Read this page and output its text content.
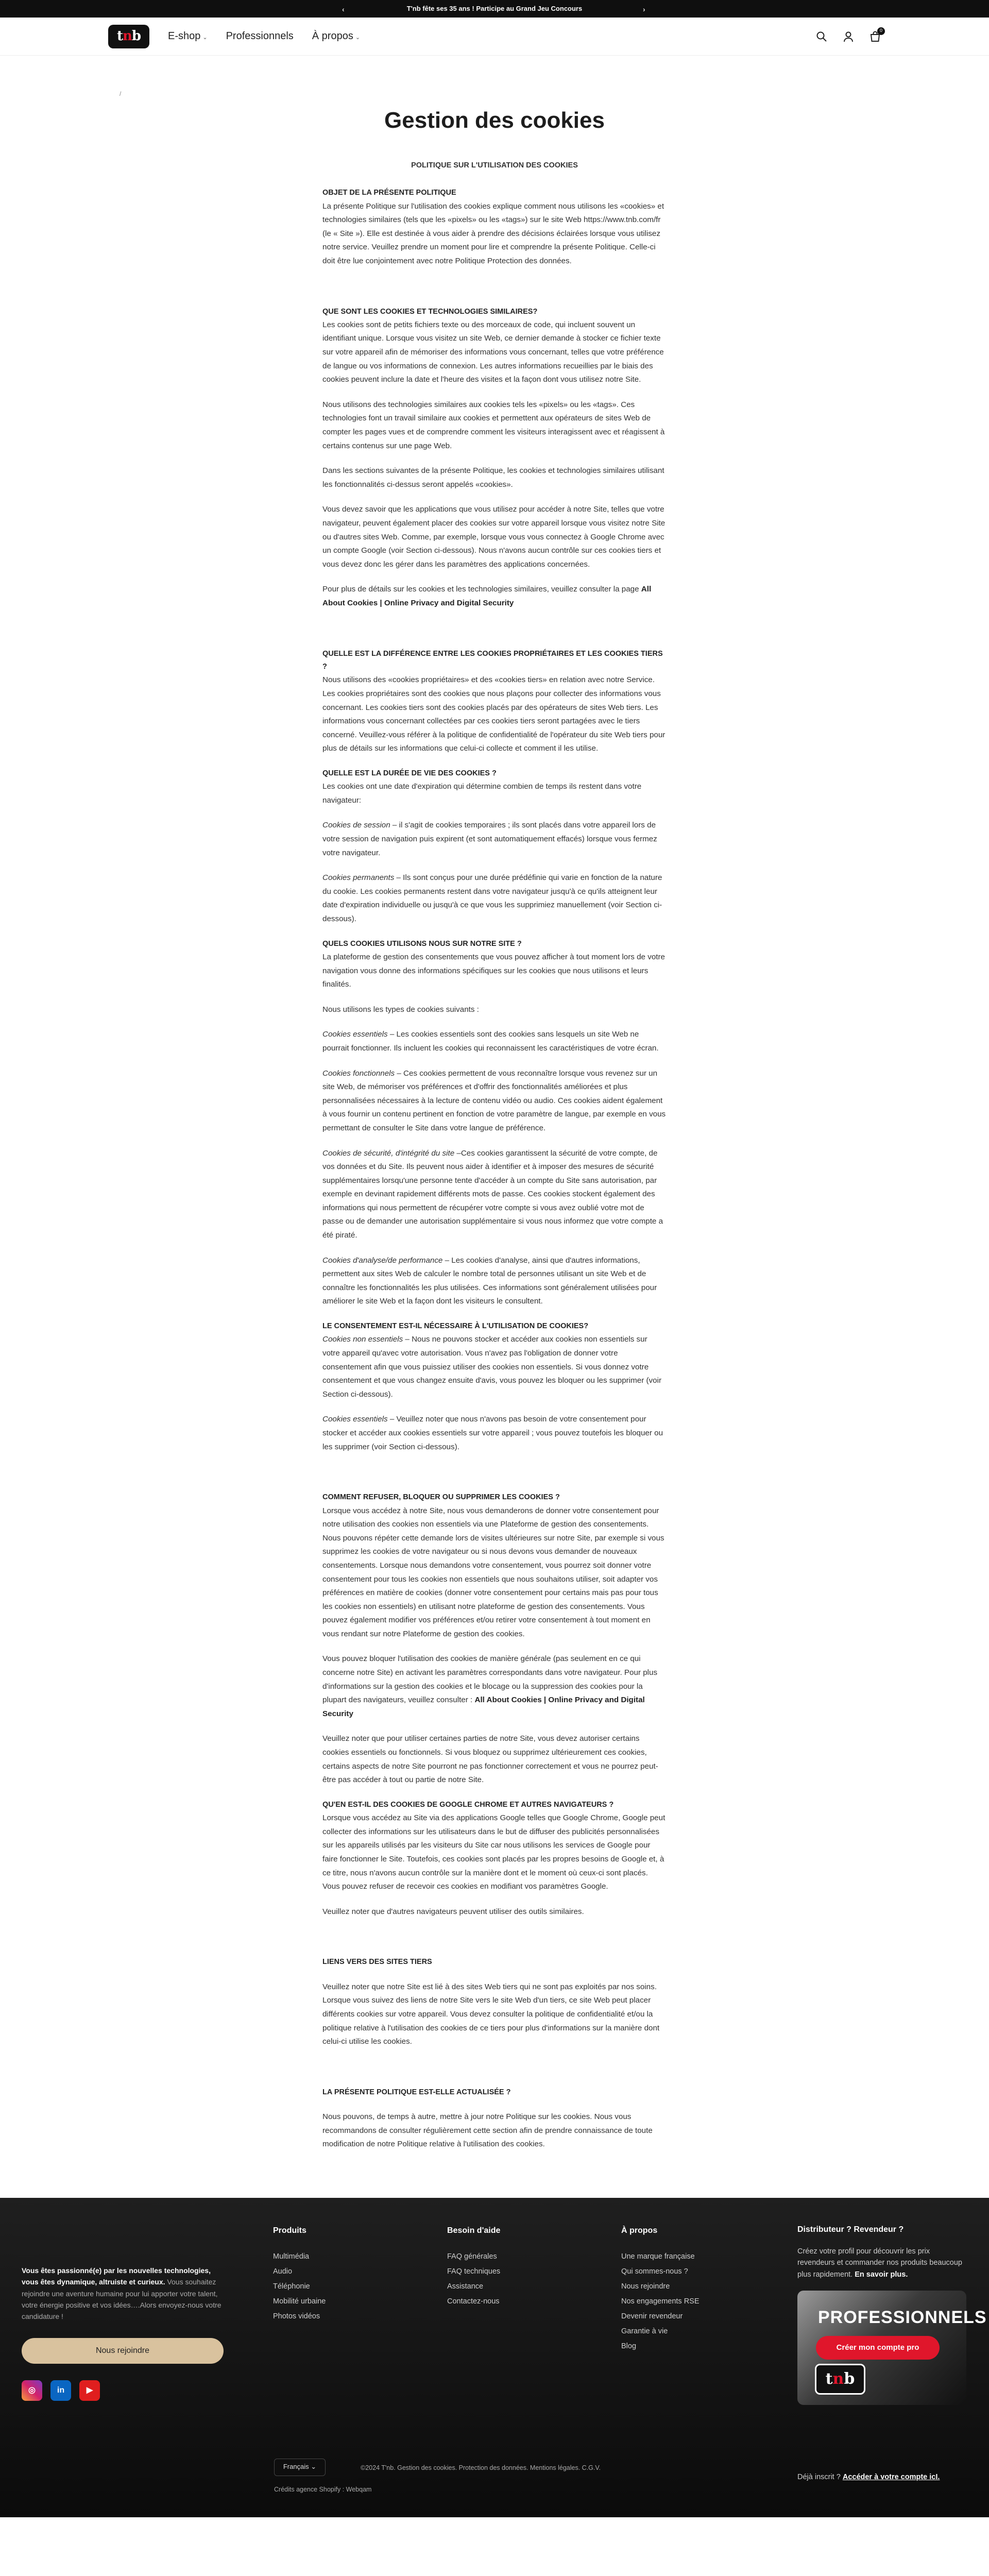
‹	T'nb fête ses 35 ans ! Participe au Grand Jeu Concours	›
t n b	E-shop ⌄ Professionnels À propos ⌄
0
/
Gestion des cookies

POLITIQUE SUR L'UTILISATION DES COOKIES

OBJET DE LA PRÉSENTE POLITIQUE

La présente Politique sur l'utilisation des cookies explique comment nous utilisons les «cookies» et technologies similaires (tels que les «pixels» ou les «tags») sur le site Web https://www.tnb.com/fr (le « Site »). Elle est destinée à vous aider à prendre des décisions éclairées lorsque vous utilisez notre service. Veuillez prendre un moment pour lire et comprendre la présente Politique. Celle-ci doit être lue conjointement avec notre Politique Protection des données.

QUE SONT LES COOKIES ET TECHNOLOGIES SIMILAIRES?

Les cookies sont de petits fichiers texte ou des morceaux de code, qui incluent souvent un identifiant unique. Lorsque vous visitez un site Web, ce dernier demande à stocker ce fichier texte sur votre appareil afin de mémoriser des informations vous concernant, telles que votre préférence de langue ou vos informations de connexion. Les autres informations recueillies par le biais des cookies peuvent inclure la date et l'heure des visites et la façon dont vous utilisez notre Site.

Nous utilisons des technologies similaires aux cookies tels les «pixels» ou les «tags». Ces technologies font un travail similaire aux cookies et permettent aux opérateurs de sites Web de compter les pages vues et de comprendre comment les visiteurs interagissent avec et réagissent à certains contenus sur une page Web.

Dans les sections suivantes de la présente Politique, les cookies et technologies similaires utilisant les fonctionnalités ci-dessus seront appelés «cookies».

Vous devez savoir que les applications que vous utilisez pour accéder à notre Site, telles que votre navigateur, peuvent également placer des cookies sur votre appareil lorsque vous visitez notre Site ou d'autres sites Web. Comme, par exemple, lorsque vous vous connectez à Google Chrome avec un compte Google (voir Section ci-dessous). Nous n'avons aucun contrôle sur ces cookies tiers et vous devez donc les gérer dans les paramètres des applications concernées.

Pour plus de détails sur les cookies et les technologies similaires, veuillez consulter la page All About Cookies | Online Privacy and Digital Security

QUELLE EST LA DIFFÉRENCE ENTRE LES COOKIES PROPRIÉTAIRES ET LES COOKIES TIERS ?

Nous utilisons des «cookies propriétaires» et des «cookies tiers» en relation avec notre Service. Les cookies propriétaires sont des cookies que nous plaçons pour collecter des informations vous concernant. Les cookies tiers sont des cookies placés par des opérateurs de sites Web tiers. Les informations vous concernant collectées par ces cookies tiers seront partagées avec le tiers concerné. Veuillez-vous référer à la politique de confidentialité de l'opérateur du site Web tiers pour plus de détails sur les informations que celui-ci collecte et comment il les utilise.

QUELLE EST LA DURÉE DE VIE DES COOKIES ?

Les cookies ont une date d'expiration qui détermine combien de temps ils restent dans votre navigateur:

Cookies de session – il s'agit de cookies temporaires ; ils sont placés dans votre appareil lors de votre session de navigation puis expirent (et sont automatiquement effacés) lorsque vous fermez votre navigateur.

Cookies permanents – Ils sont conçus pour une durée prédéfinie qui varie en fonction de la nature du cookie. Les cookies permanents restent dans votre navigateur jusqu'à ce qu'ils atteignent leur date d'expiration individuelle ou jusqu'à ce que vous les supprimiez manuellement (voir Section ci-dessous).

QUELS COOKIES UTILISONS NOUS SUR NOTRE SITE ?

La plateforme de gestion des consentements que vous pouvez afficher à tout moment lors de votre navigation vous donne des informations spécifiques sur les cookies que nous utilisons et leurs finalités.

Nous utilisons les types de cookies suivants :

Cookies essentiels – Les cookies essentiels sont des cookies sans lesquels un site Web ne pourrait fonctionner. Ils incluent les cookies qui reconnaissent les caractéristiques de votre écran.

Cookies fonctionnels – Ces cookies permettent de vous reconnaître lorsque vous revenez sur un site Web, de mémoriser vos préférences et d'offrir des fonctionnalités améliorées et plus personnalisées nécessaires à la lecture de contenu vidéo ou audio. Ces cookies aident également à vous fournir un contenu pertinent en fonction de votre paramètre de langue, par exemple en vous permettant de consulter le Site dans votre langue de préférence.

Cookies de sécurité, d'intégrité du site –Ces cookies garantissent la sécurité de votre compte, de vos données et du Site. Ils peuvent nous aider à identifier et à imposer des mesures de sécurité supplémentaires lorsqu'une personne tente d'accéder à un compte du Site sans autorisation, par exemple en devinant rapidement différents mots de passe. Ces cookies stockent également des informations qui nous permettent de récupérer votre compte si vous avez oublié votre mot de passe ou de demander une autorisation supplémentaire si vous nous informez que votre compte a été piraté.

Cookies d'analyse/de performance – Les cookies d'analyse, ainsi que d'autres informations, permettent aux sites Web de calculer le nombre total de personnes utilisant un site Web et de connaître les fonctionnalités les plus utilisées. Ces informations sont généralement utilisées pour améliorer le site Web et la façon dont les visiteurs le consultent.

LE CONSENTEMENT EST-IL NÉCESSAIRE À L'UTILISATION DE COOKIES?

Cookies non essentiels – Nous ne pouvons stocker et accéder aux cookies non essentiels sur votre appareil qu'avec votre autorisation. Vous n'avez pas l'obligation de donner votre consentement afin que vous puissiez utiliser des cookies non essentiels. Si vous donnez votre consentement et que vous changez ensuite d'avis, vous pouvez les bloquer ou les supprimer (voir Section ci-dessous).

Cookies essentiels – Veuillez noter que nous n'avons pas besoin de votre consentement pour stocker et accéder aux cookies essentiels sur votre appareil ; vous pouvez toutefois les bloquer ou les supprimer (voir Section ci-dessous).

COMMENT REFUSER, BLOQUER OU SUPPRIMER LES COOKIES ?

Lorsque vous accédez à notre Site, nous vous demanderons de donner votre consentement pour notre utilisation des cookies non essentiels via une Plateforme de gestion des consentements. Nous pouvons répéter cette demande lors de visites ultérieures sur notre Site, par exemple si vous supprimez les cookies de votre navigateur ou si nous devons vous demander de nouveaux consentements. Lorsque nous demandons votre consentement, vous pourrez soit donner votre consentement pour tous les cookies non essentiels que nous souhaitons utiliser, soit adapter vos préférences en matière de cookies (donner votre consentement pour certains mais pas pour tous les cookies non essentiels) en utilisant notre plateforme de gestion des consentements. Vous pouvez également modifier vos préférences et/ou retirer votre consentement à tout moment en vous rendant sur notre Plateforme de gestion des cookies.

Vous pouvez bloquer l'utilisation des cookies de manière générale (pas seulement en ce qui concerne notre Site) en activant les paramètres correspondants dans votre navigateur. Pour plus d'informations sur la gestion des cookies et le blocage ou la suppression des cookies pour la plupart des navigateurs, veuillez consulter : All About Cookies | Online Privacy and Digital Security

Veuillez noter que pour utiliser certaines parties de notre Site, vous devez autoriser certains cookies essentiels ou fonctionnels. Si vous bloquez ou supprimez ultérieurement ces cookies, certains aspects de notre Site pourront ne pas fonctionner correctement et vous ne pourrez peut-être pas accéder à tout ou partie de notre Site.

QU'EN EST-IL DES COOKIES DE GOOGLE CHROME ET AUTRES NAVIGATEURS ?

Lorsque vous accédez au Site via des applications Google telles que Google Chrome, Google peut collecter des informations sur les utilisateurs dans le but de diffuser des publicités personnalisées sur les appareils utilisés par les visiteurs du Site car nous utilisons les services de Google pour faire fonctionner le Site. Toutefois, ces cookies sont placés par les propres besoins de Google et, à ce titre, nous n'avons aucun contrôle sur la manière dont et le moment où ceux-ci sont placés. Vous pouvez refuser de recevoir ces cookies en modifiant vos paramètres Google.

Veuillez noter que d'autres navigateurs peuvent utiliser des outils similaires.

LIENS VERS DES SITES TIERS

Veuillez noter que notre Site est lié à des sites Web tiers qui ne sont pas exploités par nos soins. Lorsque vous suivez des liens de notre Site vers le site Web d'un tiers, ce site Web peut placer différents cookies sur votre appareil. Vous devez consulter la politique de confidentialité et/ou la politique relative à l'utilisation des cookies de ce tiers pour plus d'informations sur la manière dont celui-ci utilise les cookies.

LA PRÉSENTE POLITIQUE EST-ELLE ACTUALISÉE ?

Nous pouvons, de temps à autre, mettre à jour notre Politique sur les cookies. Nous vous recommandons de consulter régulièrement cette section afin de prendre connaissance de toute modification de notre Politique relative à l'utilisation des cookies.

Vous êtes passionné(e) par les nouvelles technologies, vous êtes dynamique, altruiste et curieux. Vous souhaitez rejoindre une aventure humaine pour lui apporter votre talent, votre énergie positive et vos idées….Alors envoyez-nous votre candidature !
Nous rejoindre
◎	in	▶
Produits
Multimédia
Audio
Téléphonie
Mobilité urbaine
Photos vidéos
Besoin d'aide
FAQ générales
FAQ techniques
Assistance
Contactez-nous
À propos
Une marque française
Qui sommes-nous ?
Nous rejoindre
Nos engagements RSE
Devenir revendeur
Garantie à vie
Blog
Distributeur ? Revendeur ?
Créez votre profil pour découvrir les prix revendeurs et commander nos produits beaucoup plus rapidement. En savoir plus.
PROFESSIONNELS
Créer mon compte pro
t n b
Déjà inscrit ? Accéder à votre compte icI.
Français ⌄	©2024 T'nb. Gestion des cookies. Protection des données. Mentions légales. C.G.V.
Crédits agence Shopify : Webqam
